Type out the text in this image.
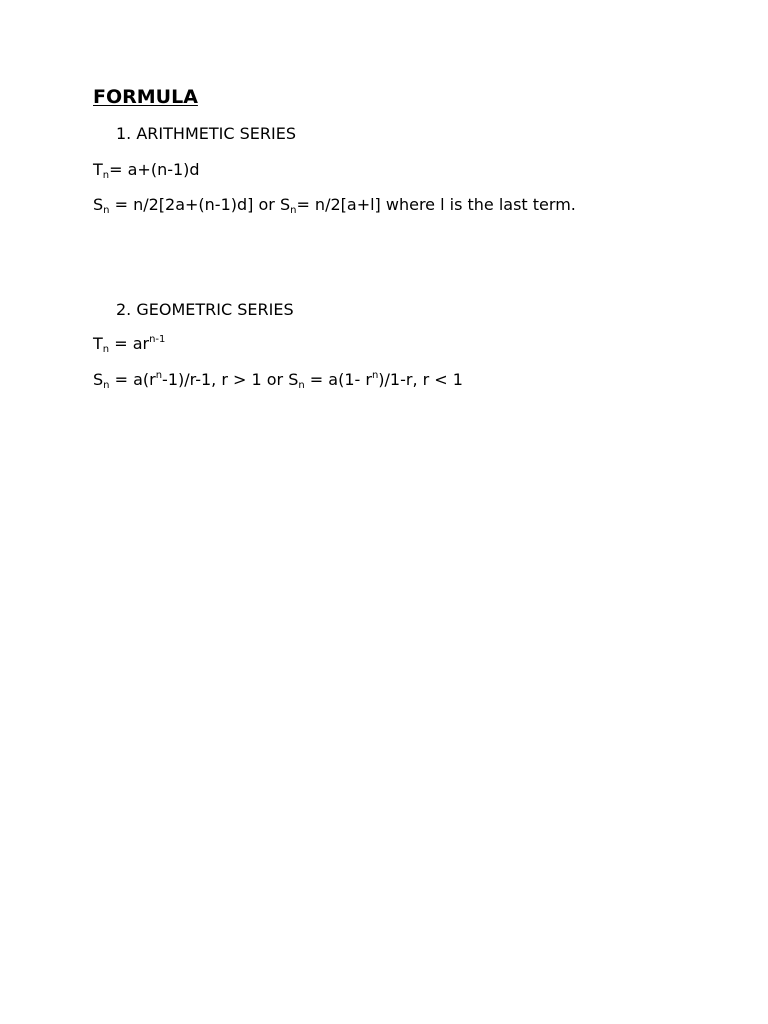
FORMULA
1. ARITHMETIC SERIES
$T_n= a+(n-1)d$
$S_n = n/2[2a+(n-1)d]$ or $S_n= n/2[a+l]$ where l is the last term.
2. GEOMETRIC SERIES
$T_n = ar^{n-1}$
$S_n = a(r^n-1)/r-1$, r > 1 or $S_n = a(1-$ $r^n)/1-r$, r < 1
